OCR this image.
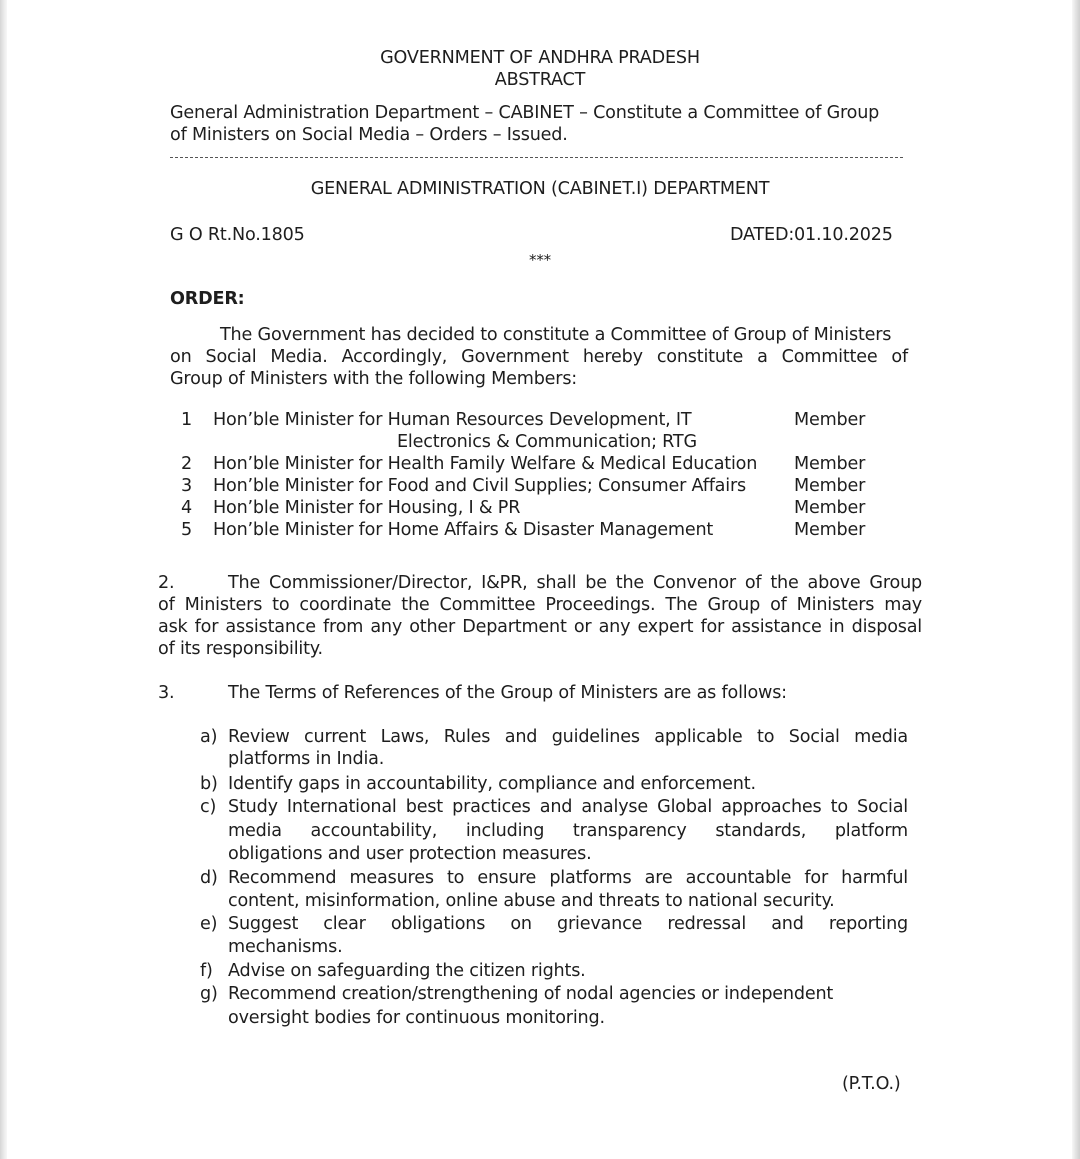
GOVERNMENT OF ANDHRA PRADESH
ABSTRACT
General Administration Department – CABINET – Constitute a Committee of Group
of Ministers on Social Media – Orders – Issued.
GENERAL ADMINISTRATION (CABINET.I) DEPARTMENT
G O Rt.No.1805	DATED:01.10.2025
***
ORDER:
The Government has decided to constitute a Committee of Group of Ministers
on Social Media. Accordingly, Government hereby constitute a Committee of
Group of Ministers with the following Members:
1 Hon’ble Minister for Human Resources Development, IT
Electronics & Communication; RTG
Member
2 Hon’ble Minister for Health Family Welfare & Medical Education Member
3 Hon’ble Minister for Food and Civil Supplies; Consumer Affairs	Member
4 Hon’ble Minister for Housing, I & PR	Member
5 Hon’ble Minister for Home Affairs & Disaster Management	Member
2.	The Commissioner/Director, I&PR, shall be the Convenor of the above Group
of Ministers to coordinate the Committee Proceedings. The Group of Ministers may
ask for assistance from any other Department or any expert for assistance in disposal
of its responsibility.
3.	The Terms of References of the Group of Ministers are as follows:
a) Review current Laws, Rules and guidelines applicable to Social media
platforms in India.
b) Identify gaps in accountability, compliance and enforcement.
c) Study International best practices and analyse Global approaches to Social
media accountability, including transparency standards, platform
obligations and user protection measures.
d) Recommend measures to ensure platforms are accountable for harmful
content, misinformation, online abuse and threats to national security.
e) Suggest clear obligations on grievance redressal and reporting
mechanisms.
f) Advise on safeguarding the citizen rights.
g) Recommend creation/strengthening of nodal agencies or independent
oversight bodies for continuous monitoring.
(P.T.O.)
